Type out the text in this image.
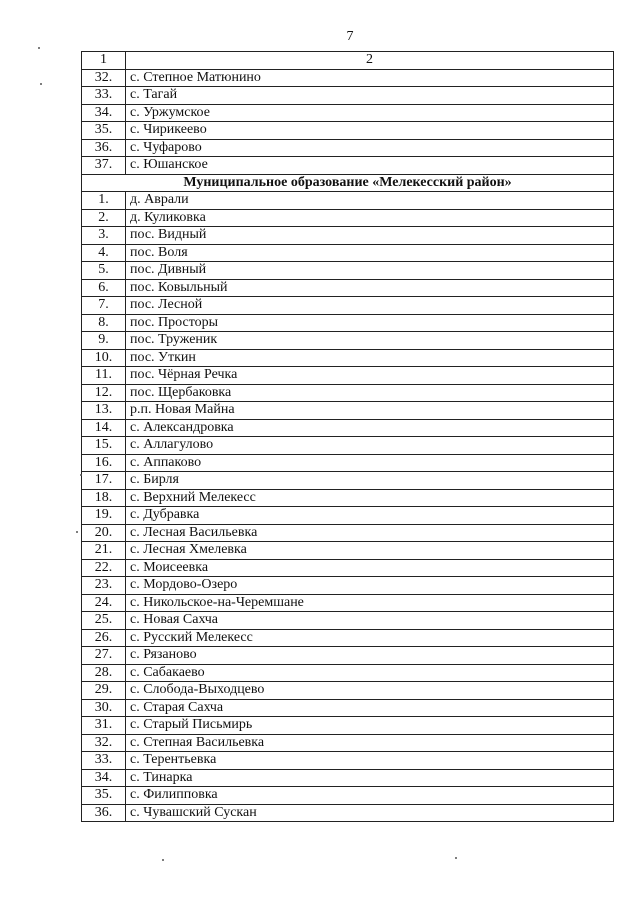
7
1	2
32.	с. Степное Матюнино
33.	с. Тагай
34.	с. Уржумское
35.	с. Чирикеево
36.	с. Чуфарово
37.	с. Юшанское
Муниципальное образование «Мелекесский район»	
1.	д. Аврали
2.	д. Куликовка
3.	пос. Видный
4.	пос. Воля
5.	пос. Дивный
6.	пос. Ковыльный
7.	пос. Лесной
8.	пос. Просторы
9.	пос. Труженик
10.	пос. Уткин
11.	пос. Чёрная Речка
12.	пос. Щербаковка
13.	р.п. Новая Майна
14.	с. Александровка
15.	с. Аллагулово
16.	с. Аппаково
17.	с. Бирля
18.	с. Верхний Мелекесс
19.	с. Дубравка
20.	с. Лесная Васильевка
21.	с. Лесная Хмелевка
22.	с. Моисеевка
23.	с. Мордово-Озеро
24.	с. Никольское-на-Черемшане
25.	с. Новая Сахча
26.	с. Русский Мелекесс
27.	с. Рязаново
28.	с. Сабакаево
29.	с. Слобода-Выходцево
30.	с. Старая Сахча
31.	с. Старый Письмирь
32.	с. Степная Васильевка
33.	с. Терентьевка
34.	с. Тинарка
35.	с. Филипповка
36.	с. Чувашский Сускан
